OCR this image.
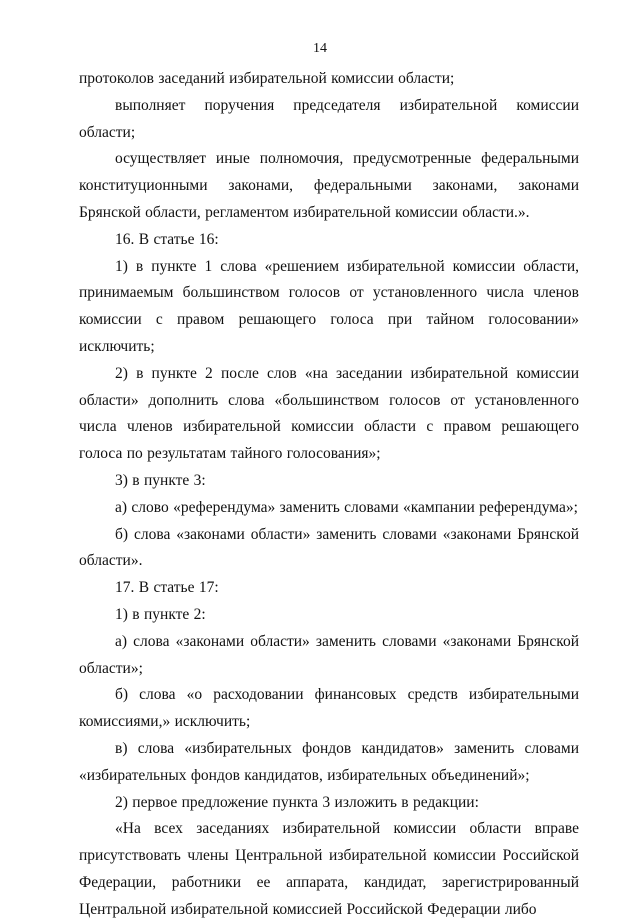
14

протоколов заседаний избирательной комиссии области;

выполняет поручения председателя избирательной комиссии области;

осуществляет иные полномочия, предусмотренные федеральными конституционными законами, федеральными законами, законами Брянской области, регламентом избирательной комиссии области.».

16. В статье 16:

1) в пункте 1 слова «решением избирательной комиссии области, принимаемым большинством голосов от установленного числа членов комиссии с правом решающего голоса при тайном голосовании» исключить;

2) в пункте 2 после слов «на заседании избирательной комиссии области» дополнить слова «большинством голосов от установленного числа членов избирательной комиссии области с правом решающего голоса по результатам тайного голосования»;

3) в пункте 3:

а) слово «референдума» заменить словами «кампании референдума»;

б) слова «законами области» заменить словами «законами Брянской области».

17. В статье 17:

1) в пункте 2:

а) слова «законами области» заменить словами «законами Брянской области»;

б) слова «о расходовании финансовых средств избирательными комиссиями,» исключить;

в) слова «избирательных фондов кандидатов» заменить словами «избирательных фондов кандидатов, избирательных объединений»;

2) первое предложение пункта 3 изложить в редакции:

«На всех заседаниях избирательной комиссии области вправе присутствовать члены Центральной избирательной комиссии Российской Федерации, работники ее аппарата, кандидат, зарегистрированный Центральной избирательной комиссией Российской Федерации либо
